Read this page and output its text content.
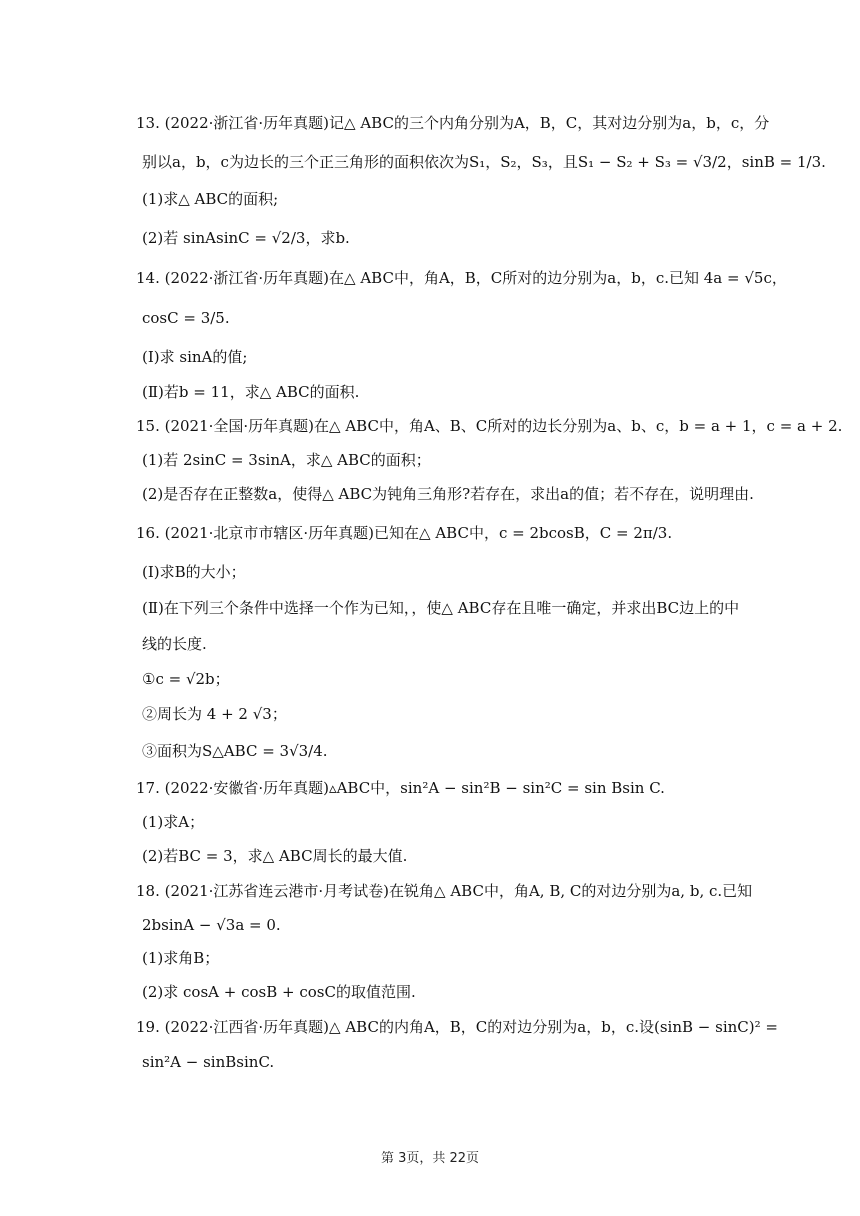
13. (2022·浙江省·历年真题)记△ ABC的三个内角分别为A，B，C，其对边分别为a，b，c，分
别以a，b，c为边长的三个正三角形的面积依次为S₁，S₂，S₃，且S₁ − S₂ + S₃ = √3/2，sinB = 1/3.
(1)求△ ABC的面积;
(2)若 sinAsinC = √2/3，求b.
14. (2022·浙江省·历年真题)在△ ABC中，角A，B，C所对的边分别为a，b，c.已知 4a = √5c，
cosC = 3/5.
(I)求 sinA的值;
(Ⅱ)若b = 11，求△ ABC的面积.
15. (2021·全国·历年真题)在△ ABC中，角A、B、C所对的边长分别为a、b、c，b = a + 1，c = a + 2.
(1)若 2sinC = 3sinA，求△ ABC的面积；
(2)是否存在正整数a，使得△ ABC为钝角三角形?若存在，求出a的值；若不存在，说明理由.
16. (2021·北京市市辖区·历年真题)已知在△ ABC中，c = 2bcosB，C = 2π/3.
(Ⅰ)求B的大小；
(Ⅱ)在下列三个条件中选择一个作为已知，，使△ ABC存在且唯一确定，并求出BC边上的中
线的长度.
①c = √2b；
②周长为 4 + 2 √3；
③面积为S△ABC = 3√3/4.
17. (2022·安徽省·历年真题)▵ABC中，sin²A − sin²B − sin²C = sin Bsin C.
(1)求A；
(2)若BC = 3，求△ ABC周长的最大值.
18. (2021·江苏省连云港市·月考试卷)在锐角△ ABC中，角A, B, C的对边分别为a, b, c.已知
2bsinA − √3a = 0.
(1)求角B；
(2)求 cosA + cosB + cosC的取值范围.
19. (2022·江西省·历年真题)△ ABC的内角A，B，C的对边分别为a，b，c.设(sinB − sinC)² =
sin²A − sinBsinC.
第 3页，共 22页
